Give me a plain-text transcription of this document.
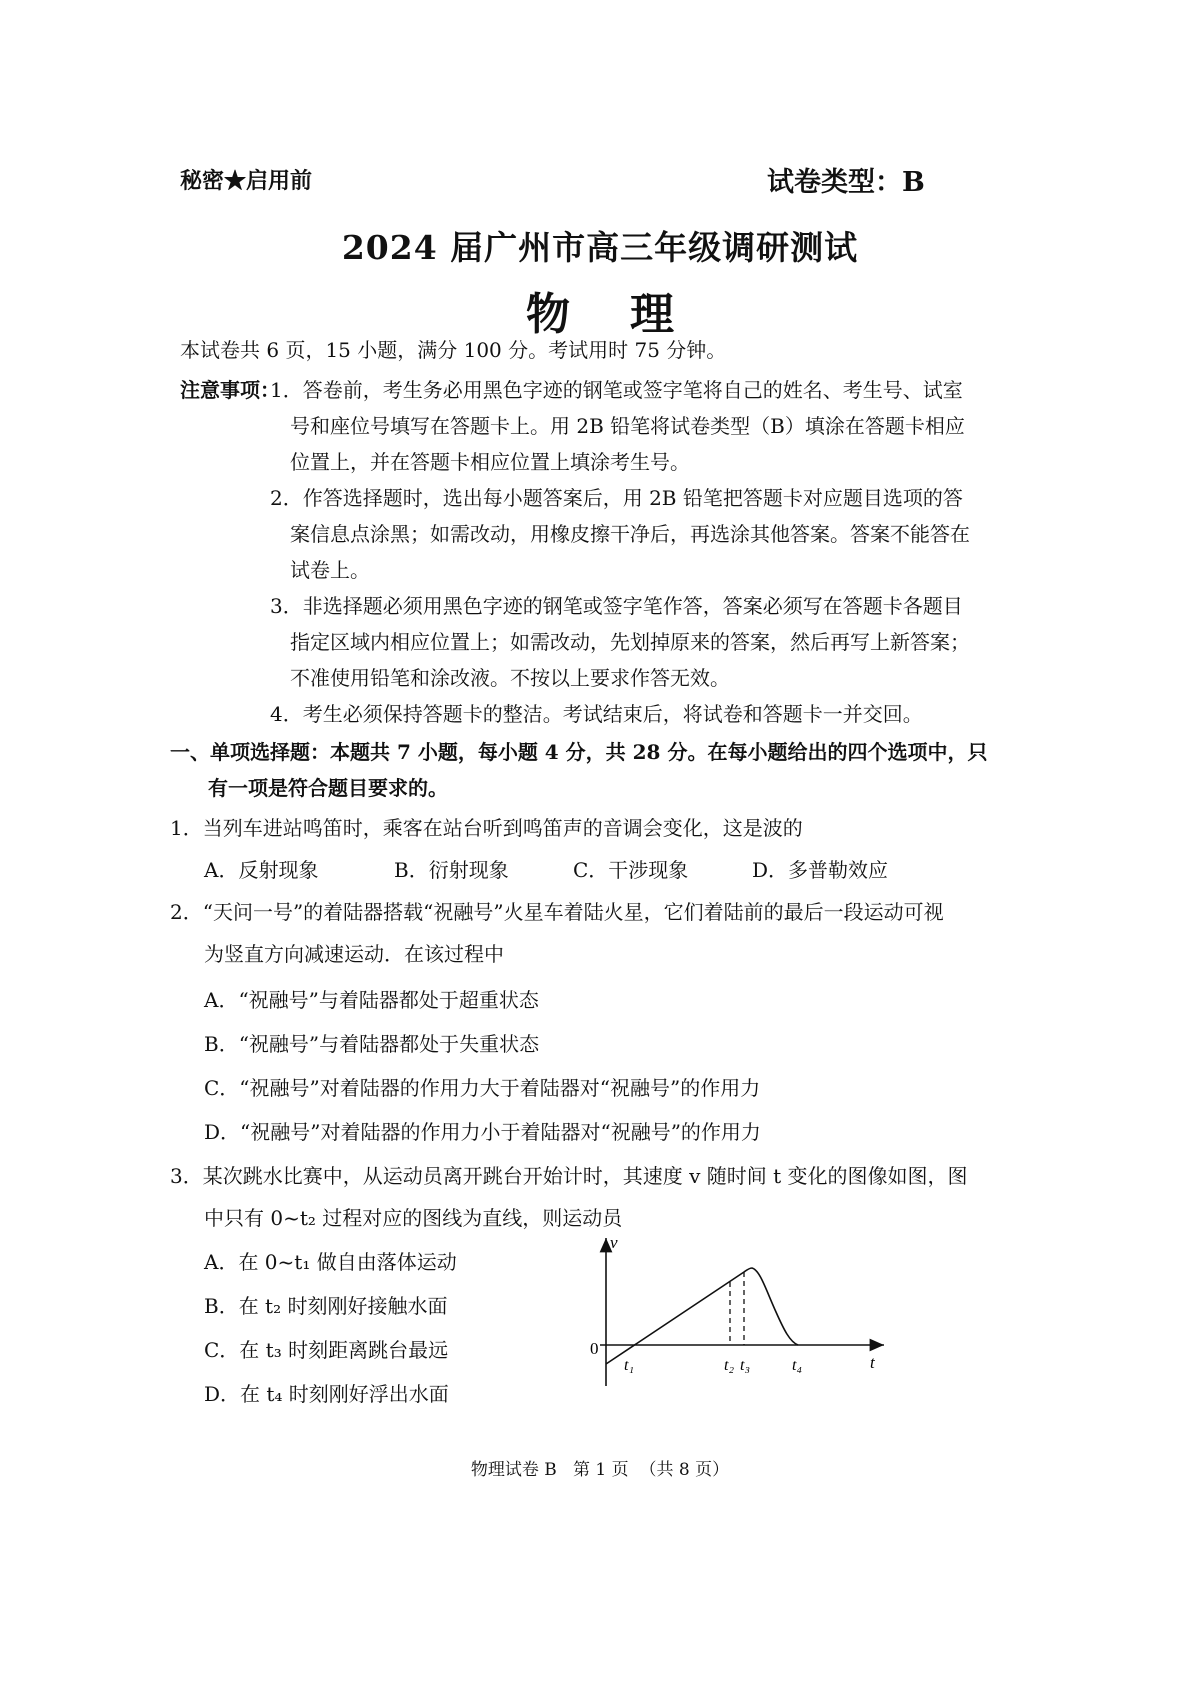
秘密★启用前	试卷类型：B
2024 届广州市高三年级调研测试
物理
本试卷共 6 页，15 小题，满分 100 分。考试用时 75 分钟。
注意事项：
1．答卷前，考生务必用黑色字迹的钢笔或签字笔将自己的姓名、考生号、试室
号和座位号填写在答题卡上。用 2B 铅笔将试卷类型（B）填涂在答题卡相应
位置上，并在答题卡相应位置上填涂考生号。
2．作答选择题时，选出每小题答案后，用 2B 铅笔把答题卡对应题目选项的答
案信息点涂黑；如需改动，用橡皮擦干净后，再选涂其他答案。答案不能答在
试卷上。
3．非选择题必须用黑色字迹的钢笔或签字笔作答，答案必须写在答题卡各题目
指定区域内相应位置上；如需改动，先划掉原来的答案，然后再写上新答案；
不准使用铅笔和涂改液。不按以上要求作答无效。
4．考生必须保持答题卡的整洁。考试结束后，将试卷和答题卡一并交回。
一、单项选择题：本题共 7 小题，每小题 4 分，共 28 分。在每小题给出的四个选项中，只
有一项是符合题目要求的。
1．当列车进站鸣笛时，乘客在站台听到鸣笛声的音调会变化，这是波的
A．反射现象	B．衍射现象	C．干涉现象	D．多普勒效应
2．“天问一号”的着陆器搭载“祝融号”火星车着陆火星，它们着陆前的最后一段运动可视
为竖直方向减速运动．在该过程中
A．“祝融号”与着陆器都处于超重状态
B．“祝融号”与着陆器都处于失重状态
C．“祝融号”对着陆器的作用力大于着陆器对“祝融号”的作用力
D．“祝融号”对着陆器的作用力小于着陆器对“祝融号”的作用力
3．某次跳水比赛中，从运动员离开跳台开始计时，其速度 v 随时间 t 变化的图像如图，图
中只有 0~t₂ 过程对应的图线为直线，则运动员
A．在 0~t₁ 做自由落体运动
B．在 t₂ 时刻刚好接触水面
C．在 t₃ 时刻距离跳台最远
D．在 t₄ 时刻刚好浮出水面
v
t
0
t₁	t₂ t₃	t₄
物理试卷 B   第 1 页  （共 8 页）
